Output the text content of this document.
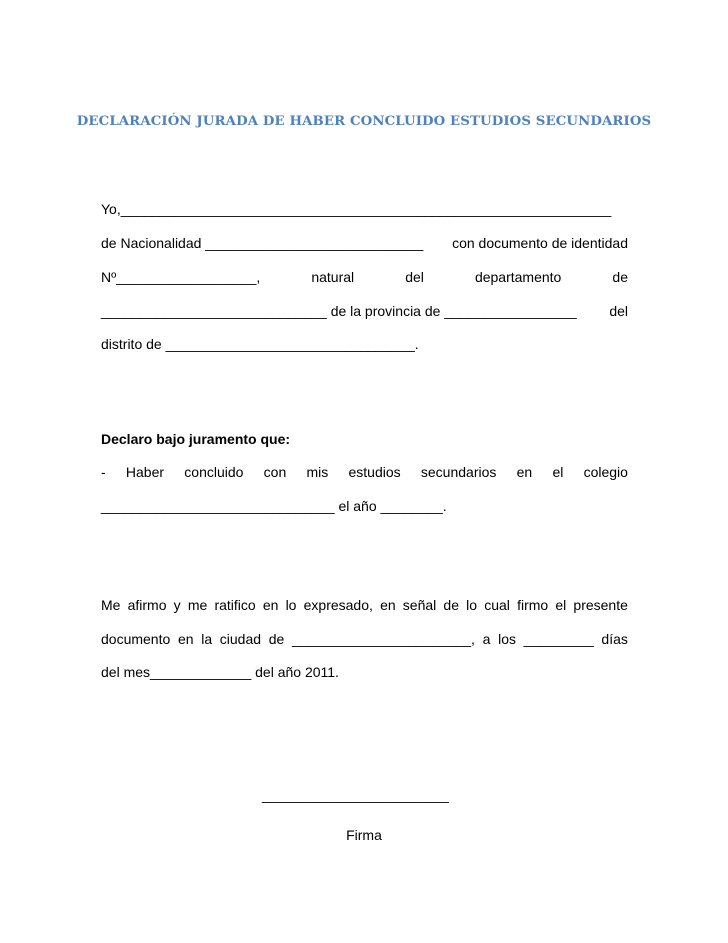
DECLARACIÓN JURADA DE HABER CONCLUIDO ESTUDIOS SECUNDARIOS
Yo,_______________________________________________________________
de Nacionalidad ____________________________ con documento de identidad
Nº__________________,	natural	del	departamento	de
_____________________________ de la provincia de _________________ del
distrito de ________________________________.
Declaro bajo juramento que:
- Haber concluido con mis estudios secundarios en el colegio
______________________________ el año ________.
Me afirmo y me ratifico en lo expresado, en señal de lo cual firmo el presente
documento en la ciudad de _______________________, a los _________ días
del mes_____________ del año 2011.
________________________
Firma
